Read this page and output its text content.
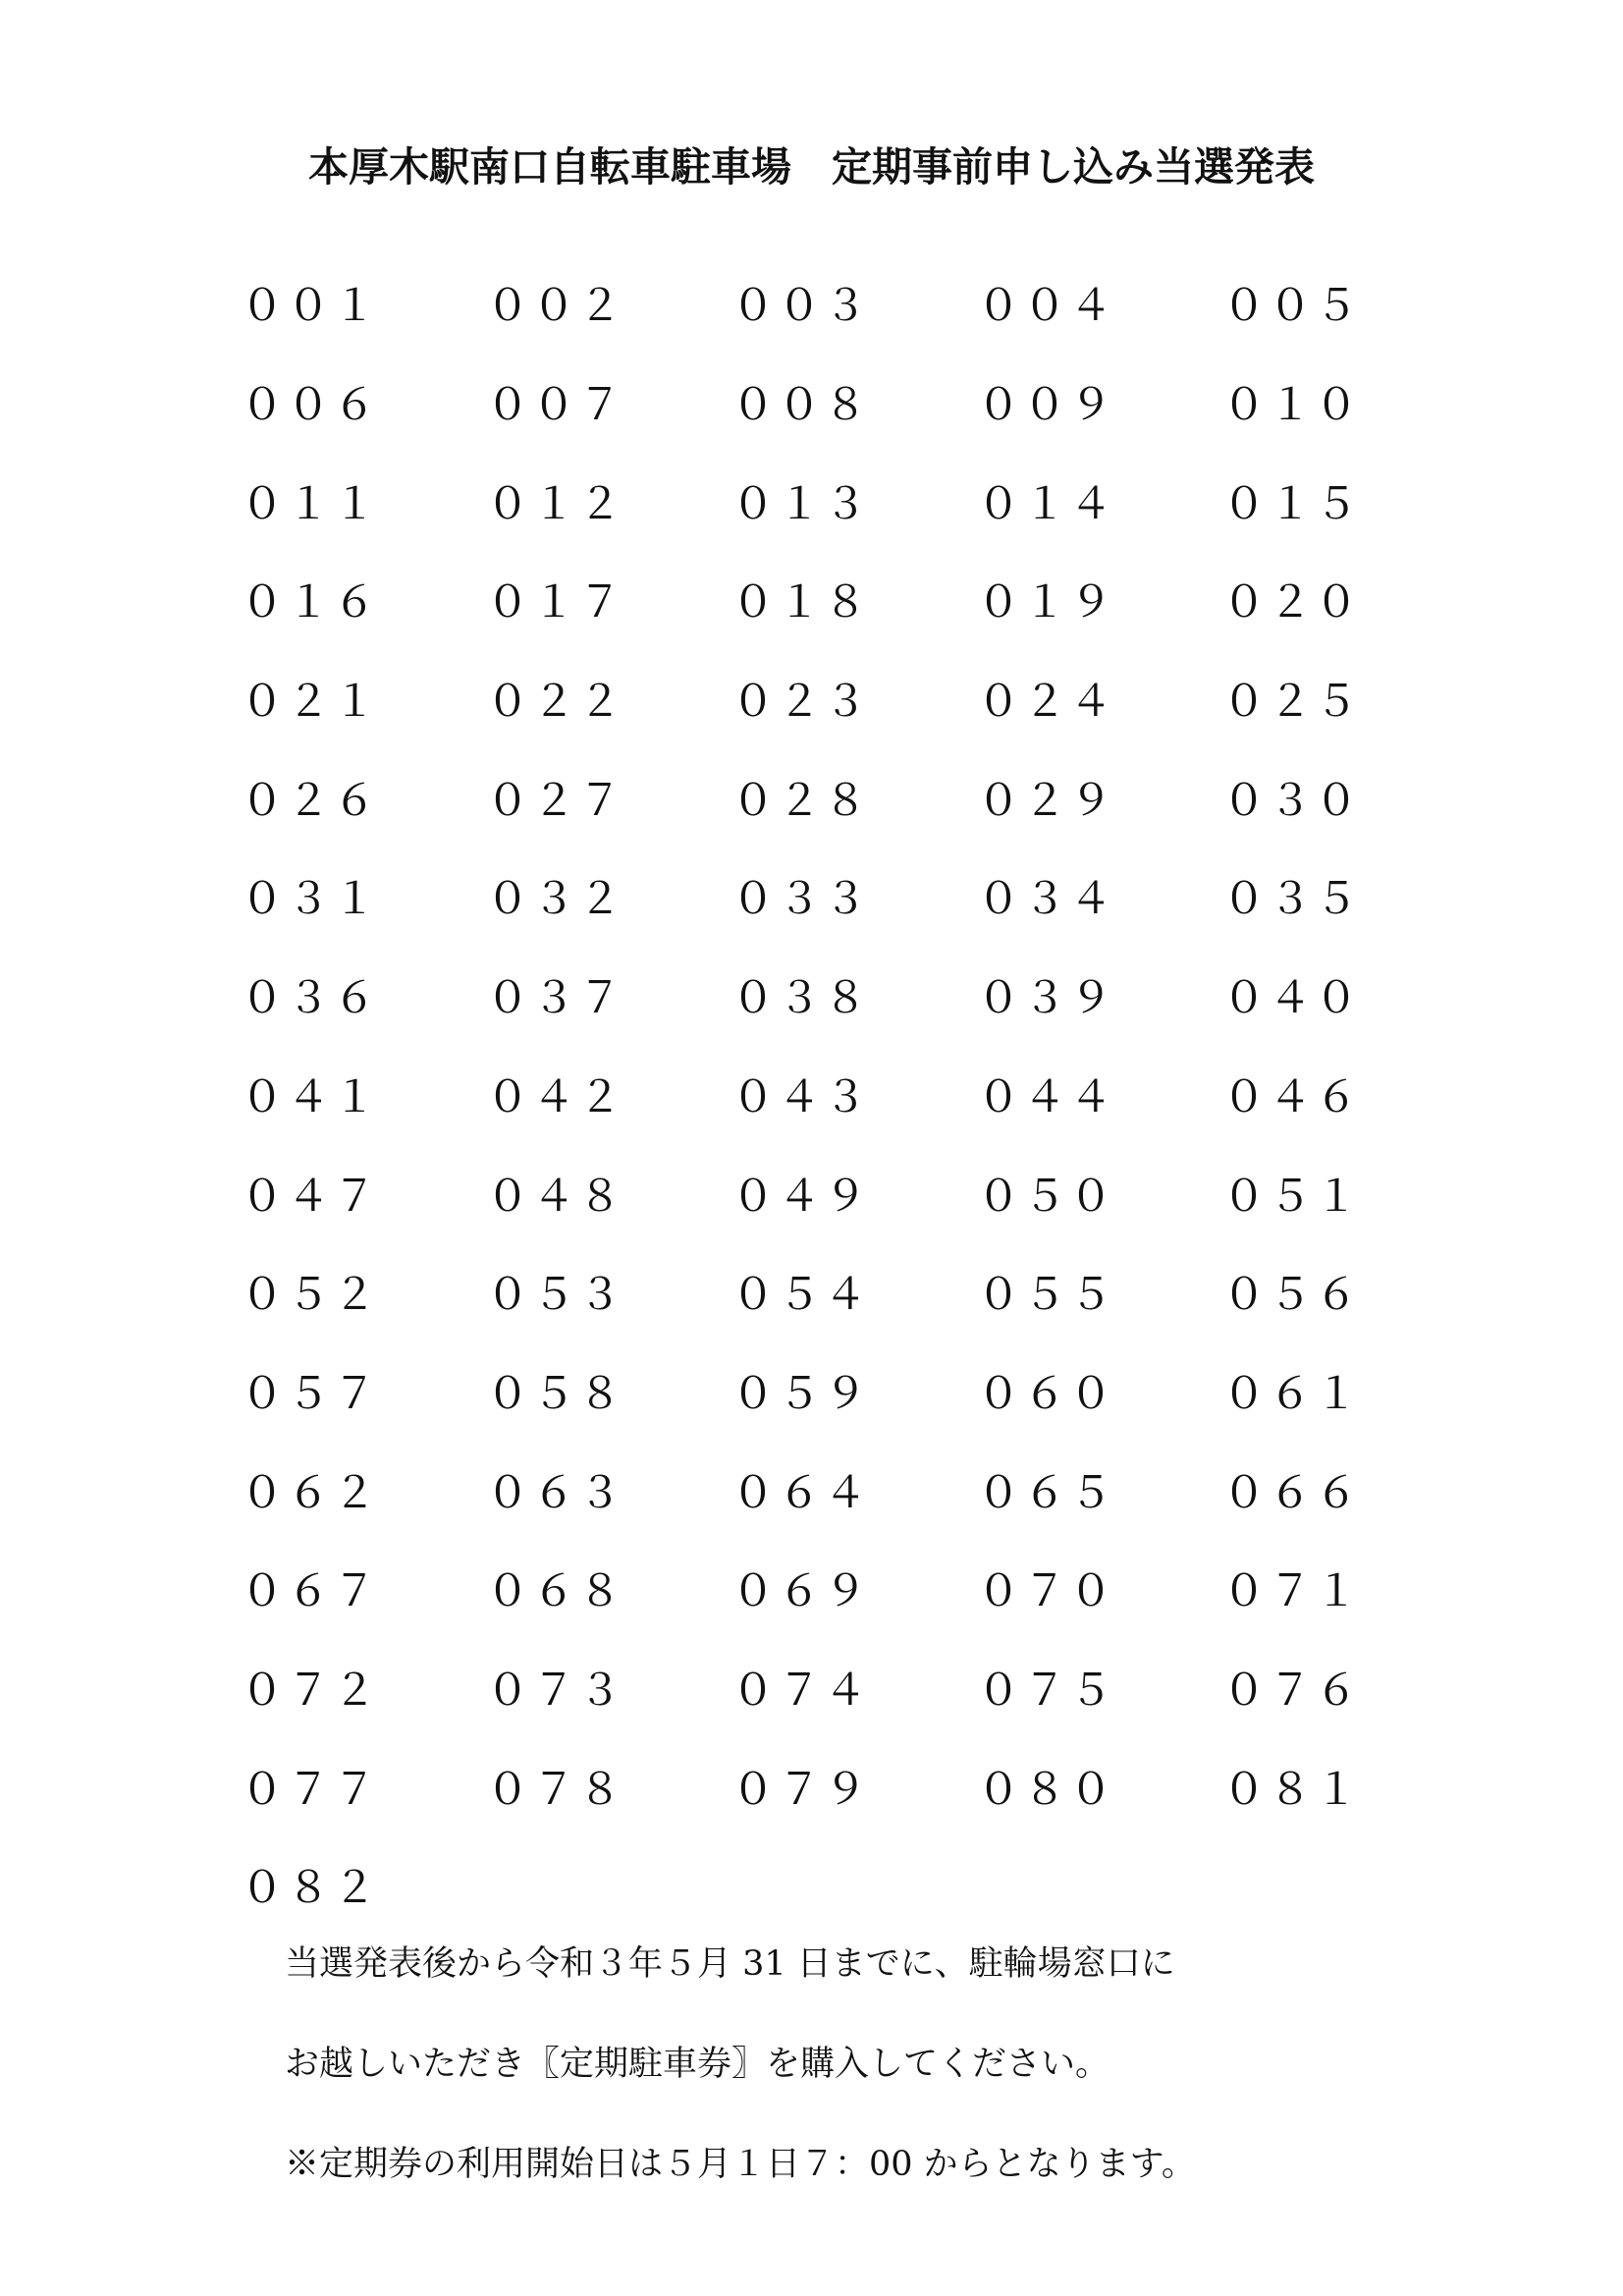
本厚木駅南口自転車駐車場　定期事前申し込み当選発表
００１	００２	００３	００４	００５
００６	００７	００８	００９	０１０
０１１	０１２	０１３	０１４	０１５
０１６	０１７	０１８	０１９	０２０
０２１	０２２	０２３	０２４	０２５
０２６	０２７	０２８	０２９	０３０
０３１	０３２	０３３	０３４	０３５
０３６	０３７	０３８	０３９	０４０
０４１	０４２	０４３	０４４	０４６
０４７	０４８	０４９	０５０	０５１
０５２	０５３	０５４	０５５	０５６
０５７	０５８	０５９	０６０	０６１
０６２	０６３	０６４	０６５	０６６
０６７	０６８	０６９	０７０	０７１
０７２	０７３	０７４	０７５	０７６
０７７	０７８	０７９	０８０	０８１
０８２
当選発表後から令和３年５月 31 日までに、駐輪場窓口に
お越しいただき〖定期駐車券〗を購入してください。
※定期券の利用開始日は５月１日７：00 からとなります。
